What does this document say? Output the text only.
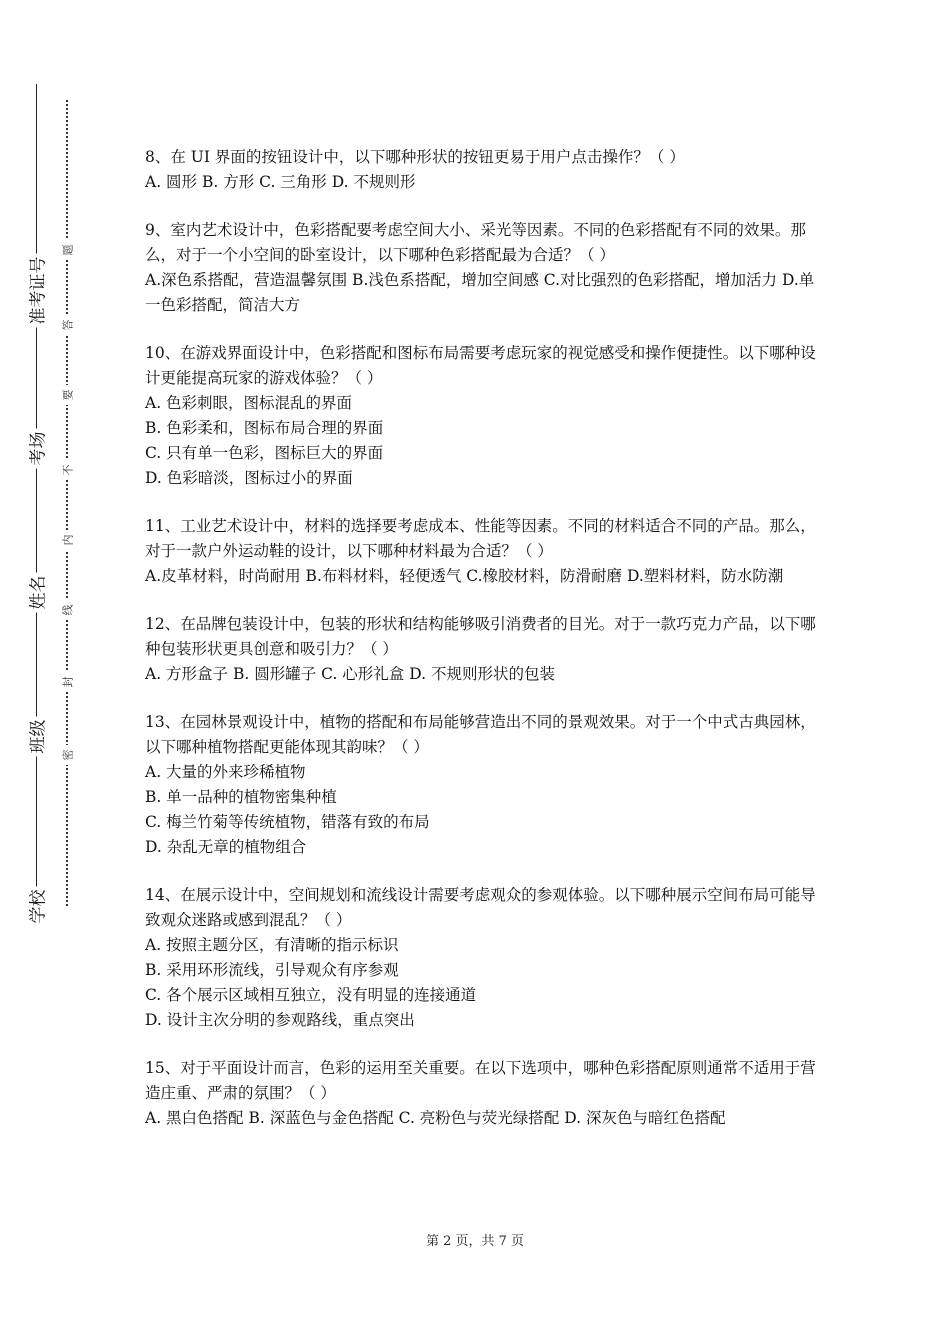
准考证号
考场
姓名
班级
学校
题
答
要
不
内
线
封
密

8、在 UI 界面的按钮设计中，以下哪种形状的按钮更易于用户点击操作？（ ）

A. 圆形 B. 方形 C. 三角形 D. 不规则形

9、室内艺术设计中，色彩搭配要考虑空间大小、采光等因素。不同的色彩搭配有不同的效果。那么，对于一个小空间的卧室设计，以下哪种色彩搭配最为合适？（ ）

A.深色系搭配，营造温馨氛围 B.浅色系搭配，增加空间感 C.对比强烈的色彩搭配，增加活力 D.单一色彩搭配，简洁大方

10、在游戏界面设计中，色彩搭配和图标布局需要考虑玩家的视觉感受和操作便捷性。以下哪种设计更能提高玩家的游戏体验？（ ）

A. 色彩刺眼，图标混乱的界面

B. 色彩柔和，图标布局合理的界面

C. 只有单一色彩，图标巨大的界面

D. 色彩暗淡，图标过小的界面

11、工业艺术设计中，材料的选择要考虑成本、性能等因素。不同的材料适合不同的产品。那么，对于一款户外运动鞋的设计，以下哪种材料最为合适？（ ）

A.皮革材料，时尚耐用 B.布料材料，轻便透气 C.橡胶材料，防滑耐磨 D.塑料材料，防水防潮

12、在品牌包装设计中，包装的形状和结构能够吸引消费者的目光。对于一款巧克力产品，以下哪种包装形状更具创意和吸引力？（ ）

A. 方形盒子 B. 圆形罐子 C. 心形礼盒 D. 不规则形状的包装

13、在园林景观设计中，植物的搭配和布局能够营造出不同的景观效果。对于一个中式古典园林，以下哪种植物搭配更能体现其韵味？（ ）

A. 大量的外来珍稀植物

B. 单一品种的植物密集种植

C. 梅兰竹菊等传统植物，错落有致的布局

D. 杂乱无章的植物组合

14、在展示设计中，空间规划和流线设计需要考虑观众的参观体验。以下哪种展示空间布局可能导致观众迷路或感到混乱？（ ）

A. 按照主题分区，有清晰的指示标识

B. 采用环形流线，引导观众有序参观

C. 各个展示区域相互独立，没有明显的连接通道

D. 设计主次分明的参观路线，重点突出

15、对于平面设计而言，色彩的运用至关重要。在以下选项中，哪种色彩搭配原则通常不适用于营造庄重、严肃的氛围？（ ）

A. 黑白色搭配 B. 深蓝色与金色搭配 C. 亮粉色与荧光绿搭配 D. 深灰色与暗红色搭配

第 2 页，共 7 页
